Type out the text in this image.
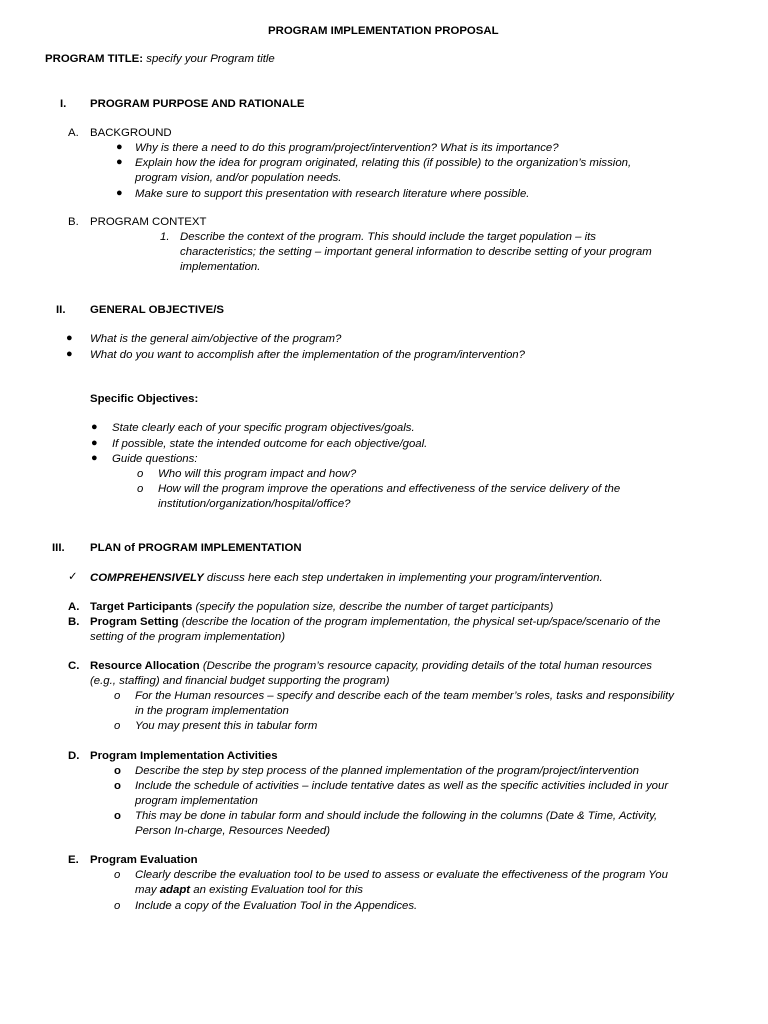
PROGRAM IMPLEMENTATION PROPOSAL
PROGRAM TITLE: specify your Program title
I. PROGRAM PURPOSE AND RATIONALE
A. BACKGROUND
● Why is there a need to do this program/project/intervention? What is its importance?
● Explain how the idea for program originated, relating this (if possible) to the organization’s mission,
program vision, and/or population needs.
● Make sure to support this presentation with research literature where possible.
B. PROGRAM CONTEXT
1. Describe the context of the program. This should include the target population – its
characteristics; the setting – important general information to describe setting of your program
implementation.
II. GENERAL OBJECTIVE/S
● What is the general aim/objective of the program?
● What do you want to accomplish after the implementation of the program/intervention?
Specific Objectives:
● State clearly each of your specific program objectives/goals.
● If possible, state the intended outcome for each objective/goal.
● Guide questions:
o Who will this program impact and how?
o How will the program improve the operations and effectiveness of the service delivery of the
institution/organization/hospital/office?
III. PLAN of PROGRAM IMPLEMENTATION
✓ COMPREHENSIVELY discuss here each step undertaken in implementing your program/intervention.
A. Target Participants (specify the population size, describe the number of target participants)
B. Program Setting (describe the location of the program implementation, the physical set-up/space/scenario of the
setting of the program implementation)
C. Resource Allocation (Describe the program’s resource capacity, providing details of the total human resources
(e.g., staffing) and financial budget supporting the program)
o For the Human resources – specify and describe each of the team member’s roles, tasks and responsibility
in the program implementation
o You may present this in tabular form
D. Program Implementation Activities
o Describe the step by step process of the planned implementation of the program/project/intervention
o Include the schedule of activities – include tentative dates as well as the specific activities included in your
program implementation
o This may be done in tabular form and should include the following in the columns (Date & Time, Activity,
Person In-charge, Resources Needed)
E. Program Evaluation
o Clearly describe the evaluation tool to be used to assess or evaluate the effectiveness of the program You
may adapt an existing Evaluation tool for this
o Include a copy of the Evaluation Tool in the Appendices.
